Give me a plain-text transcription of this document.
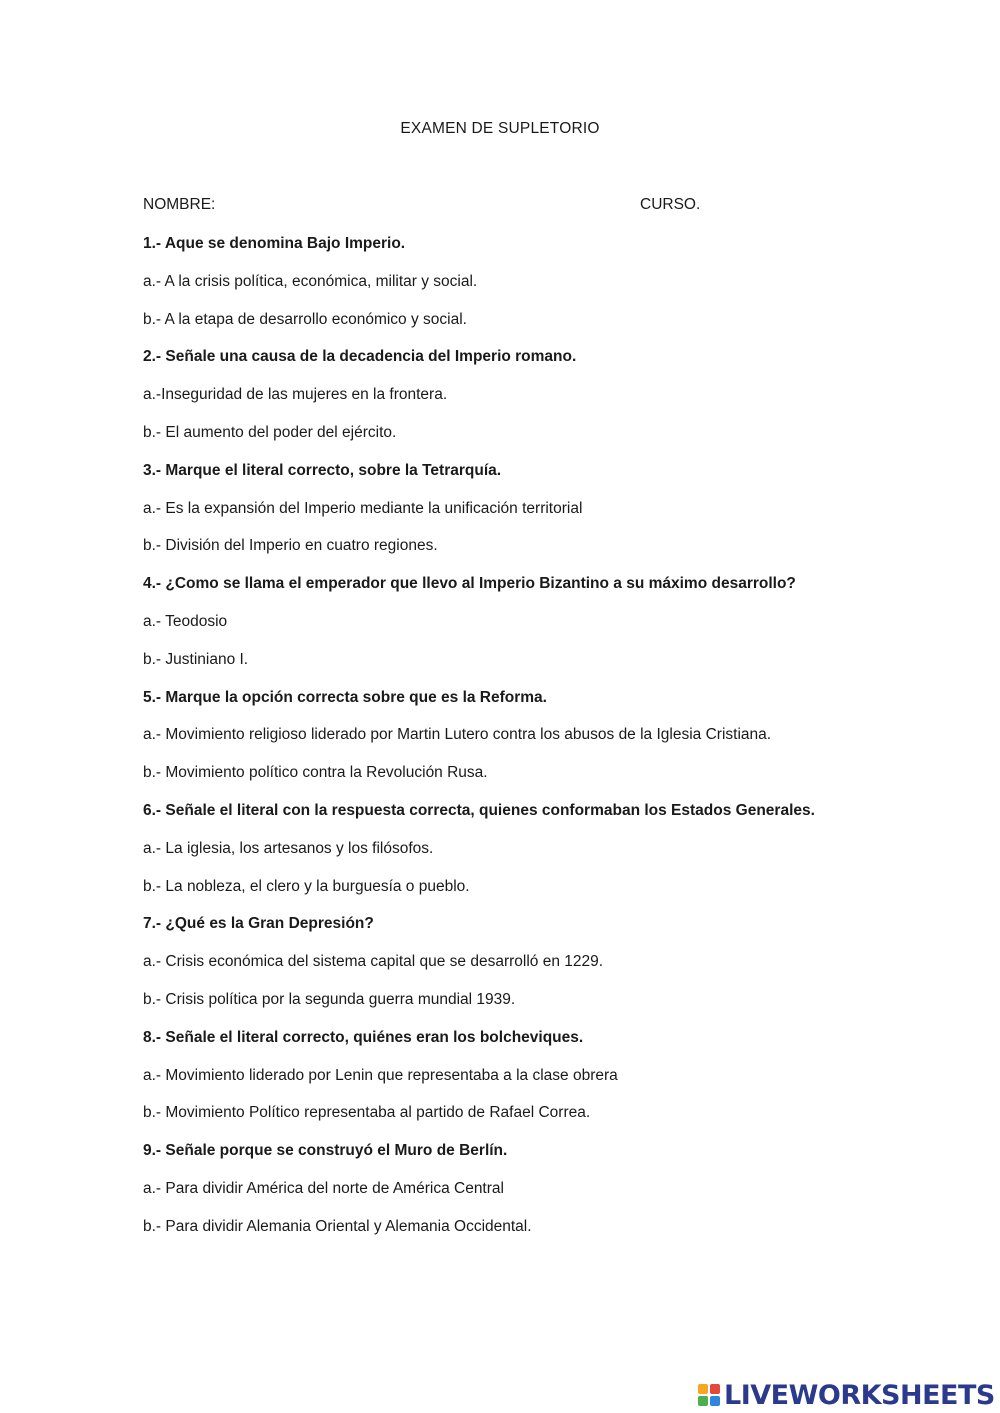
EXAMEN DE SUPLETORIO
NOMBRE:	CURSO.
1.- Aque se denomina Bajo Imperio.
a.- A la crisis política, económica, militar y social.
b.- A la etapa de desarrollo económico y social.
2.- Señale una causa de la decadencia del Imperio romano.
a.-Inseguridad de las mujeres en la frontera.
b.- El aumento del poder del ejército.
3.- Marque el literal correcto, sobre la Tetrarquía.
a.- Es la expansión del Imperio mediante la unificación territorial
b.- División del Imperio en cuatro regiones.
4.- ¿Como se llama el emperador que llevo al Imperio Bizantino a su máximo desarrollo?
a.- Teodosio
b.- Justiniano I.
5.- Marque la opción correcta sobre que es la Reforma.
a.- Movimiento religioso liderado por Martin Lutero contra los abusos de la Iglesia Cristiana.
b.- Movimiento político contra la Revolución Rusa.
6.- Señale el literal con la respuesta correcta, quienes conformaban los Estados Generales.
a.- La iglesia, los artesanos y los filósofos.
b.- La nobleza, el clero y la burguesía o pueblo.
7.- ¿Qué es la Gran Depresión?
a.- Crisis económica del sistema capital que se desarrolló en 1229.
b.- Crisis política por la segunda guerra mundial 1939.
8.- Señale el literal correcto, quiénes eran los bolcheviques.
a.- Movimiento liderado por Lenin que representaba a la clase obrera
b.- Movimiento Político representaba al partido de Rafael Correa.
9.- Señale porque se construyó el Muro de Berlín.
a.- Para dividir América del norte de América Central
b.- Para dividir Alemania Oriental y Alemania Occidental.
LIVEWORKSHEETS
